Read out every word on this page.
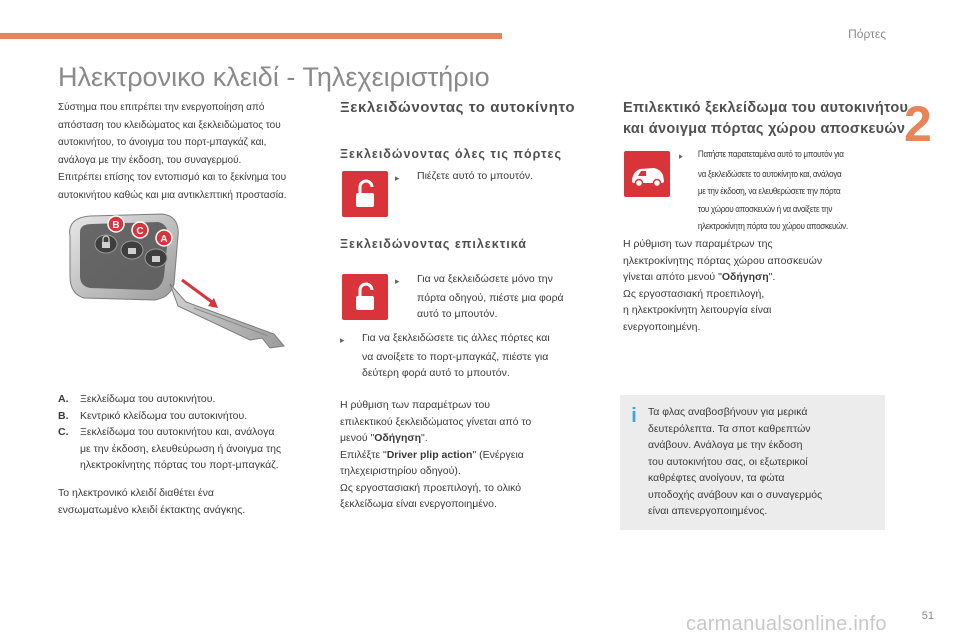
Πόρτες
2
Ηλεκτρονικο κλειδί - Τηλεχειριστήριο

Σύστημα που επιτρέπει την ενεργοποίηση από

απόσταση του κλειδώματος και ξεκλειδώματος του

αυτοκινήτου, το άνοιγμα του πορτ-μπαγκάζ και,

ανάλογα με την έκδοση, του συναγερμού.

Επιτρέπει επίσης τον εντοπισμό και το ξεκίνημα του

αυτοκινήτου καθώς και μια αντικλεπτική προστασία.

B
C
A
A.	Ξεκλείδωμα του αυτοκινήτου.
B.	Κεντρικό κλείδωμα του αυτοκινήτου.
C.	Ξεκλείδωμα του αυτοκινήτου και, ανάλογα
με την έκδοση, ελευθεύρωση ή άνοιγμα της
ηλεκτροκίνητης πόρτας του πορτ-μπαγκάζ.
Το ηλεκτρονικό κλειδί διαθέτει ένα
ενσωματωμένο κλειδί έκτακτης ανάγκης.
Ξεκλειδώνοντας το αυτοκίνητο
Ξεκλειδώνοντας όλες τις πόρτες
▸	Πιέζετε αυτό το μπουτόν.
Ξεκλειδώνοντας επιλεκτικά
▸	Για να ξεκλειδώσετε μόνο την
πόρτα οδηγού, πιέστε μια φορά
αυτό το μπουτόν.
▸	Για να ξεκλειδώσετε τις άλλες πόρτες και
να ανοίξετε το πορτ-μπαγκάζ, πιέστε για
δεύτερη φορά αυτό το μπουτόν.
Η ρύθμιση των παραμέτρων του
επιλεκτικού ξεκλειδώματος γίνεται από το
μενού "Οδήγηση".
Επιλέξτε "Driver plip action" (Ενέργεια
τηλεχειριστηρίου οδηγού).
Ως εργοστασιακή προεπιλογή, το ολικό
ξεκλείδωμα είναι ενεργοποιημένο.
Επιλεκτικό ξεκλείδωμα του αυτοκινήτου
και άνοιγμα πόρτας χώρου αποσκευών
▸	Πατήστε παρατεταμένα αυτό το μπουτόν για
να ξεκλειδώσετε το αυτοκίνητο και, ανάλογα
με την έκδοση, να ελευθερώσετε την πόρτα
του χώρου αποσκευών ή να ανοίξετε την
ηλεκτροκίνητη πόρτα του χώρου αποσκευών.
Η ρύθμιση των παραμέτρων της
ηλεκτροκίνητης πόρτας χώρου αποσκευών
γίνεται απότο μενού "Οδήγηση".
Ως εργοστασιακή προεπιλογή,
η ηλεκτροκίνητη λειτουργία είναι
ενεργοποιημένη.
i	Τα φλας αναβοσβήνουν για μερικά
δευτερόλεπτα. Τα σποτ καθρεπτών
ανάβουν. Ανάλογα με την έκδοση
του αυτοκινήτου σας, οι εξωτερικοί
καθρέφτες ανοίγουν, τα φώτα
υποδοχής ανάβουν και ο συναγερμός
είναι απενεργοποιημένος.
carmanualsonline.info	51
